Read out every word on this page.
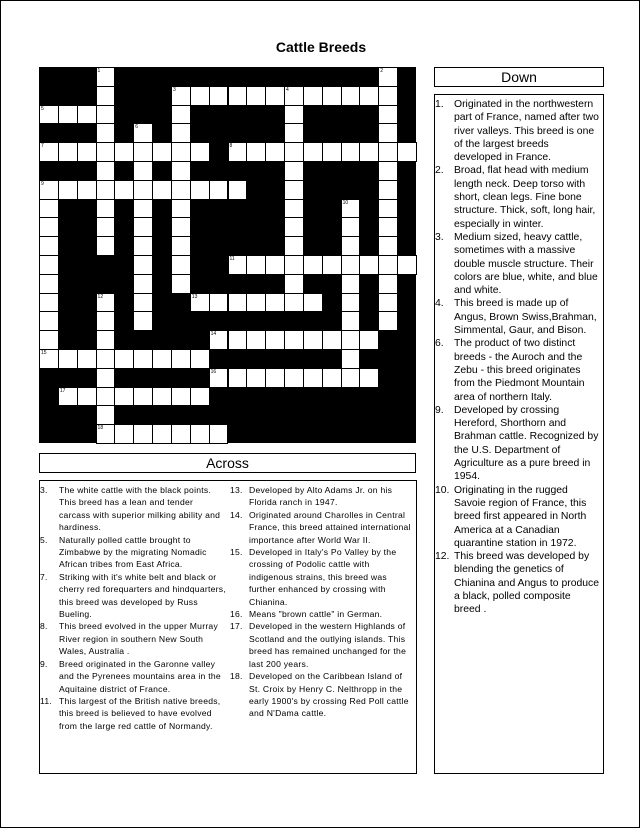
Cattle Breeds
1	2
3	4
5
6
7	8
9
10
11
12	13
14
15
16
17
18
Down
1. Originated in the northwestern part of France, named after two river valleys. This breed is one of the largest breeds developed in France.
2. Broad, flat head with medium length neck. Deep torso with short, clean legs. Fine bone structure. Thick, soft, long hair, especially in winter.
3. Medium sized, heavy cattle, sometimes with a massive double muscle structure. Their colors are blue, white, and blue and white.
4. This breed is made up of Angus, Brown Swiss,Brahman, Simmental, Gaur, and Bison.
6. The product of two distinct breeds - the Auroch and the Zebu - this breed originates from the Piedmont Mountain area of northern Italy.
9. Developed by crossing Hereford, Shorthorn and Brahman cattle. Recognized by the U.S. Department of Agriculture as a pure breed in 1954.
10. Originating in the rugged Savoie region of France, this breed first appeared in North America at a Canadian quarantine station in 1972.
12. This breed was developed by blending the genetics of Chianina and Angus to produce a black, polled composite breed .
Across
3.	The white cattle with the black points. This breed has a lean and tender carcass with superior milking ability and hardiness.
5.	Naturally polled cattle brought to Zimbabwe by the migrating Nomadic African tribes from East Africa.
7.	Striking with it's white belt and black or cherry red forequarters and hindquarters, this breed was developed by Russ Bueling.
8.	This breed evolved in the upper Murray River region in southern New South Wales, Australia .
9.	Breed originated in the Garonne valley and the Pyrenees mountains area in the Aquitaine district of France.
11. This largest of the British native breeds, this breed is believed to have evolved from the large red cattle of Normandy.
13. Developed by Alto Adams Jr. on his Florida ranch in 1947.
14. Originated around Charolles in Central France, this breed attained international importance after World War II.
15. Developed in Italy's Po Valley by the crossing of Podolic cattle with indigenous strains, this breed was further enhanced by crossing with Chianina.
16. Means "brown cattle" in German.
17. Developed in the western Highlands of Scotland and the outlying islands. This breed has remained unchanged for the last 200 years.
18. Developed on the Caribbean Island of St. Croix by Henry C. Nelthropp in the early 1900's by crossing Red Poll cattle and N'Dama cattle.
